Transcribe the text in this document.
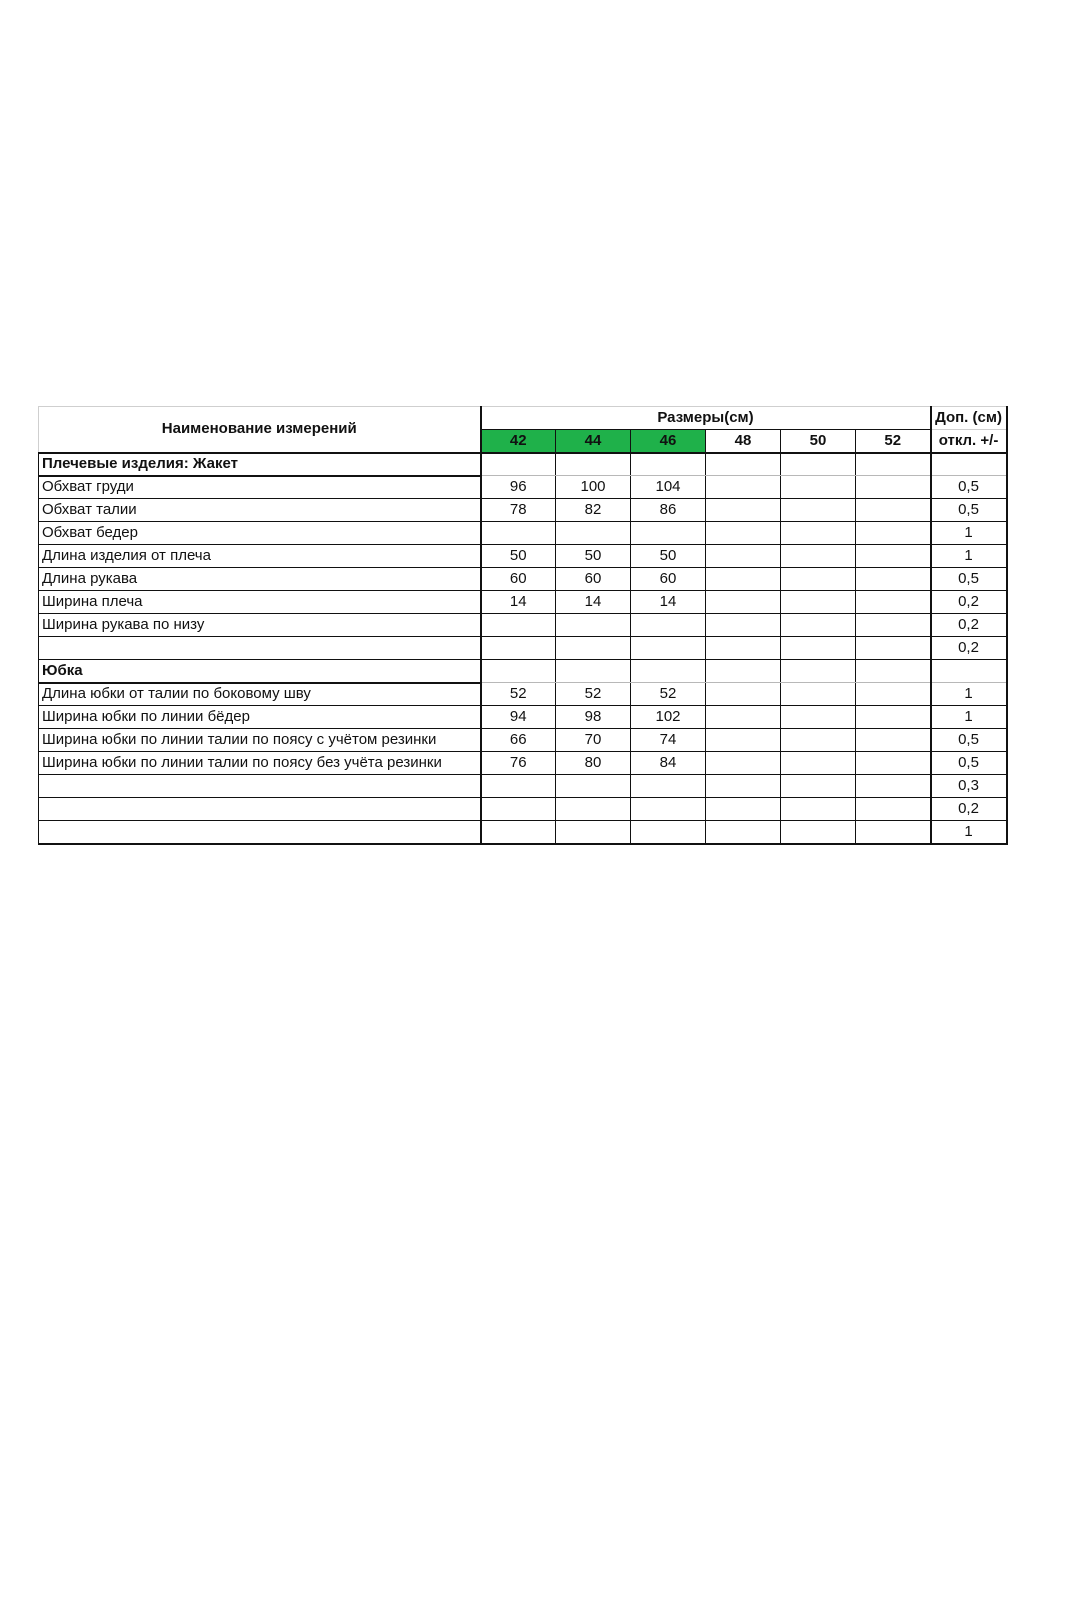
Наименование измерений	Размеры(см)						Доп. (см)
	42	44	46	48	50	52	откл. +/-
Плечевые изделия: Жакет							
Обхват груди	96	100	104				0,5
Обхват талии	78	82	86				0,5
Обхват бедер							1
Длина изделия от плеча	50	50	50				1
Длина рукава	60	60	60				0,5
Ширина плеча	14	14	14				0,2
Ширина рукава по низу							0,2
							0,2
Юбка							
Длина юбки от талии по боковому шву	52	52	52				1
Ширина юбки по линии бёдер	94	98	102				1
Ширина юбки по линии талии по поясу с учётом резинки	66	70	74				0,5
Ширина юбки по линии талии по поясу без учёта резинки	76	80	84				0,5
							0,3
							0,2
							1
